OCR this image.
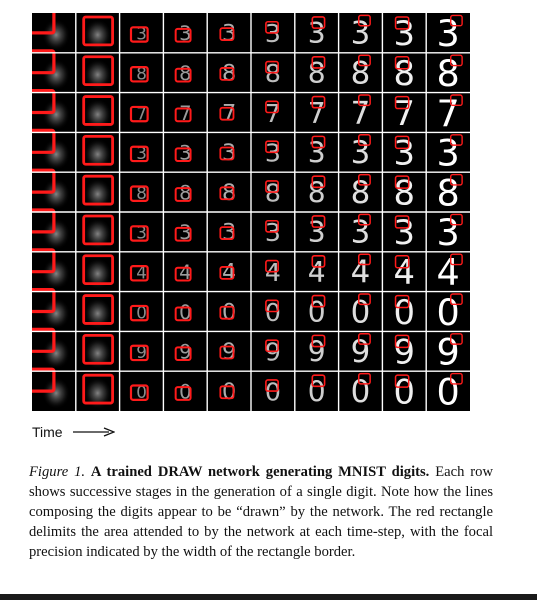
3 3 3 3 3 3 3 3
8 8 8 8 8 8 8 8
7 7 7 7 7 7 7 7
3 3 3 3 3 3 3 3
8 8 8 8 8 8 8 8
3 3 3 3 3 3 3 3
4 4 4 4 4 4 4 4
0 0 0 0 0 0 0 0
9 9 9 9 9 9 9 9
0 0 0 0 0 0 0 0
Time
Figure 1. A trained DRAW network generating MNIST digits. Each row shows successive stages in the generation of a single digit. Note how the lines composing the digits appear to be “drawn” by the network. The red rectangle delimits the area attended to by the network at each time-step, with the focal precision indicated by the width of the rectangle border.
